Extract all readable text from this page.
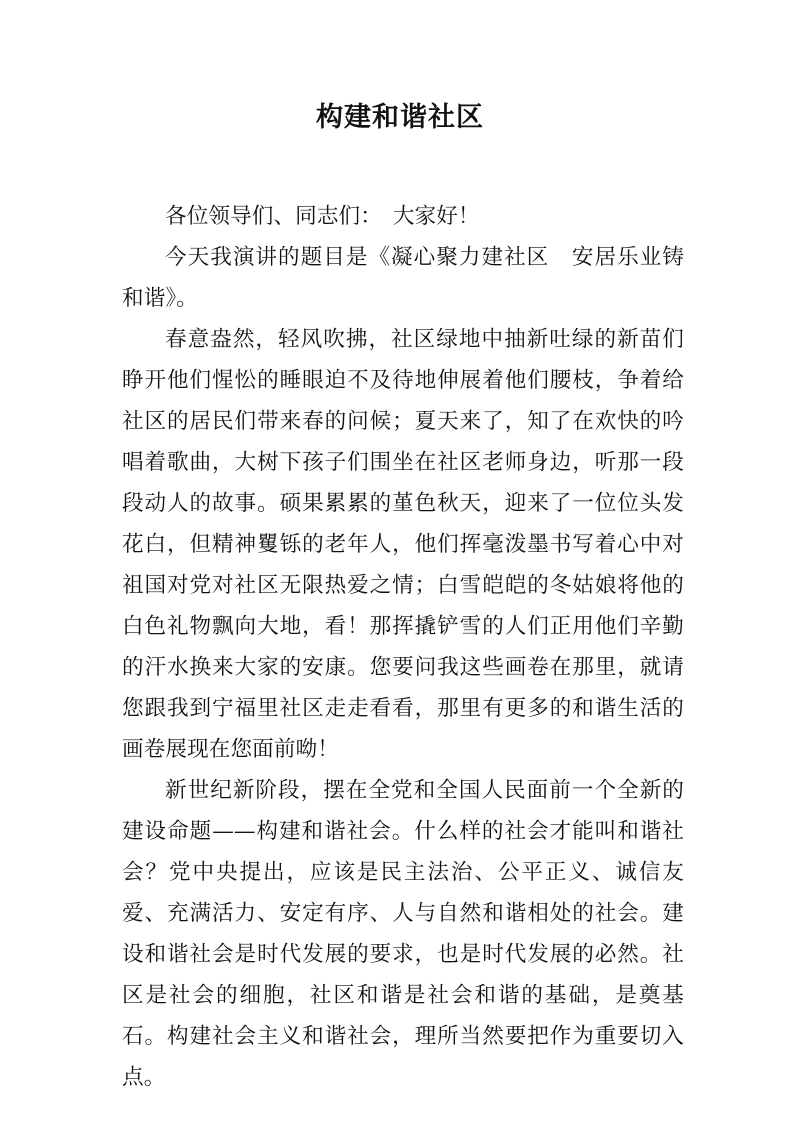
构建和谐社区

各位领导们、同志们：　大家好！

今天我演讲的题目是《凝心聚力建社区　安居乐业铸和谐》。

春意盎然，轻风吹拂，社区绿地中抽新吐绿的新苗们睁开他们惺忪的睡眼迫不及待地伸展着他们腰枝，争着给社区的居民们带来春的问候；夏天来了，知了在欢快的吟唱着歌曲，大树下孩子们围坐在社区老师身边，听那一段段动人的故事。硕果累累的堇色秋天，迎来了一位位头发花白，但精神矍铄的老年人，他们挥毫泼墨书写着心中对祖国对党对社区无限热爱之情；白雪皑皑的冬姑娘将他的白色礼物飘向大地，看！那挥撬铲雪的人们正用他们辛勤的汗水换来大家的安康。您要问我这些画卷在那里，就请您跟我到宁福里社区走走看看，那里有更多的和谐生活的画卷展现在您面前呦！

新世纪新阶段，摆在全党和全国人民面前一个全新的建设命题——构建和谐社会。什么样的社会才能叫和谐社会？党中央提出，应该是民主法治、公平正义、诚信友爱、充满活力、安定有序、人与自然和谐相处的社会。建设和谐社会是时代发展的要求，也是时代发展的必然。社区是社会的细胞，社区和谐是社会和谐的基础，是奠基石。构建社会主义和谐社会，理所当然要把作为重要切入点。
